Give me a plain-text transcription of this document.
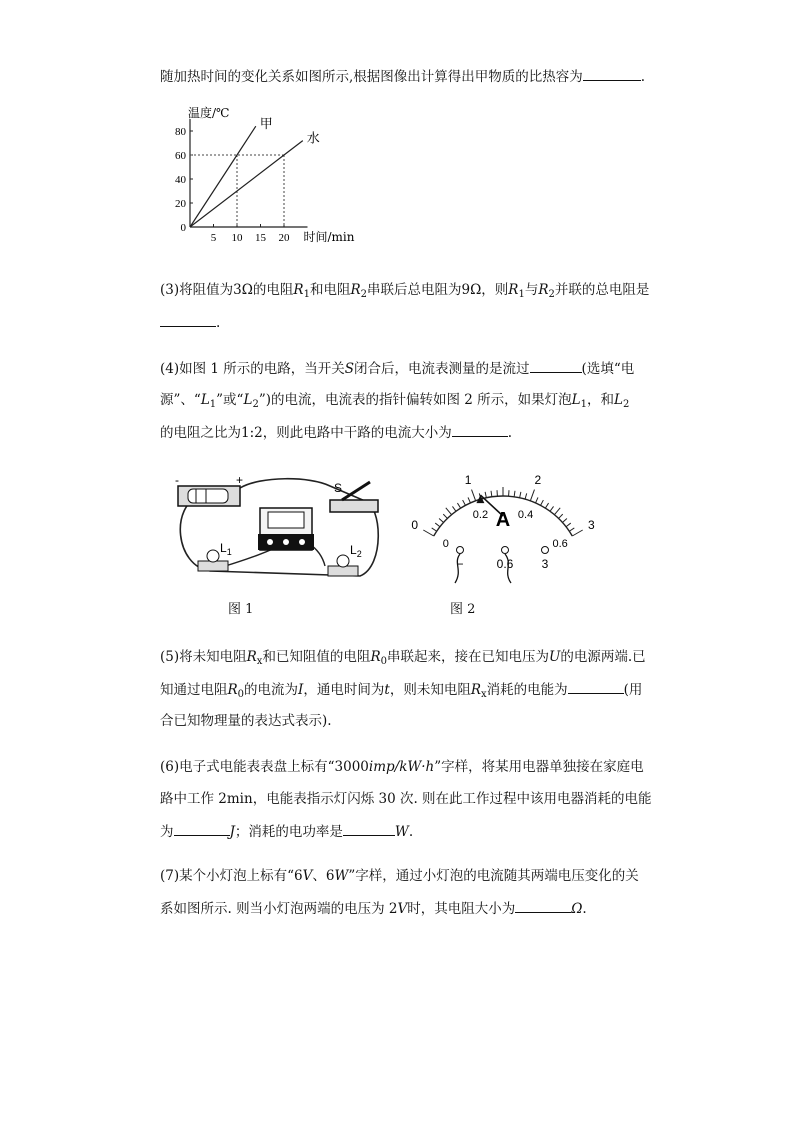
随加热时间的变化关系如图所示,根据图像出计算得出甲物质的比热容为	.
0
20
40
60
80
5 10 15 20
温度/℃
时间/min
甲
水
(3)将阻值为3Ω的电阻$R_1$和电阻$R_2$串联后总电阻为9Ω，则$R_1$与$R_2$并联的总电阻是
.
(4)如图 1 所示的电路，当开关S闭合后，电流表测量的是流过	(选填“电
源”、“$L_1$”或“$L_2$”)的电流，电流表的指针偏转如图 2 所示，如果灯泡$L_1$，和$L_2$
的电阻之比为1:2，则此电路中干路的电流大小为	.
-	+
S
$L_1$	$L_2$
0
1	2
3
0
0.2	0.4
0.6
A
−	0.6 3
图 1	图 2
(5)将未知电阻$R_x$和已知阻值的电阻$R_0$串联起来，接在已知电压为U的电源两端.已
知通过电阻$R_0$的电流为I，通电时间为t，则未知电阻$R_x$消耗的电能为	(用
合已知物理量的表达式表示).
(6)电子式电能表表盘上标有“3000imp/kW·h”字样，将某用电器单独接在家庭电
路中工作 2min，电能表指示灯闪烁 30 次. 则在此工作过程中该用电器消耗的电能
为	J；消耗的电功率是	W.
(7)某个小灯泡上标有“6V、6W”字样，通过小灯泡的电流随其两端电压变化的关
系如图所示. 则当小灯泡两端的电压为 2V时，其电阻大小为	Ω.
